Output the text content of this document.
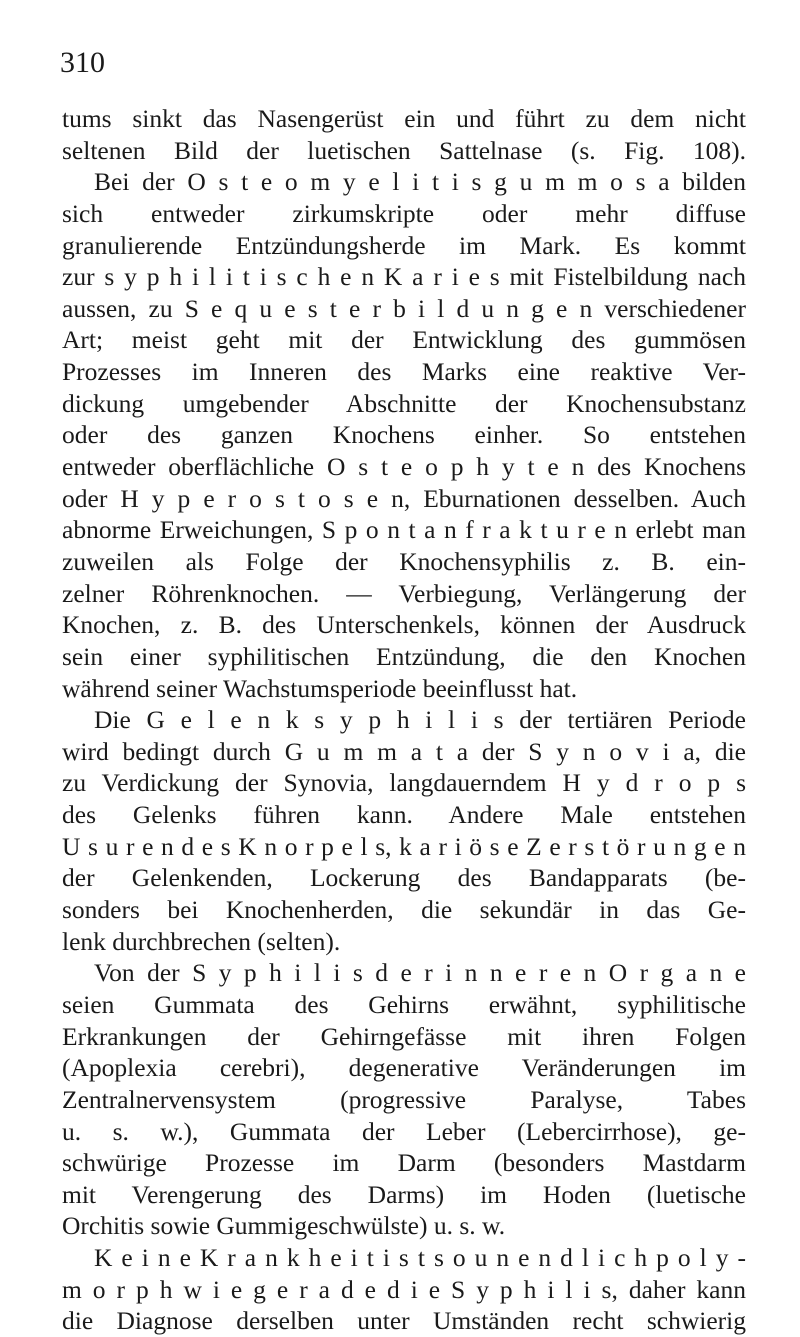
310
tums sinkt das Nasengerüst ein und führt zu dem nicht
seltenen Bild der luetischen Sattelnase (s. Fig. 108).
Bei der O s t e o m y e l i t i s g u m m o s a bilden
sich entweder zirkumskripte oder mehr diffuse
granulierende Entzündungsherde im Mark. Es kommt
zur s y p h i l i t i s c h e n K a r i e s mit Fistelbildung nach
aussen, zu S e q u e s t e r b i l d u n g e n verschiedener
Art; meist geht mit der Entwicklung des gummösen
Prozesses im Inneren des Marks eine reaktive Ver-
dickung umgebender Abschnitte der Knochensubstanz
oder des ganzen Knochens einher. So entstehen
entweder oberflächliche O s t e o p h y t e n des Knochens
oder H y p e r o s t o s e n, Eburnationen desselben. Auch
abnorme Erweichungen, S p o n t a n f r a k t u r e n erlebt man
zuweilen als Folge der Knochensyphilis z. B. ein-
zelner Röhrenknochen. — Verbiegung, Verlängerung der
Knochen, z. B. des Unterschenkels, können der Ausdruck
sein einer syphilitischen Entzündung, die den Knochen
während seiner Wachstumsperiode beeinflusst hat.
Die G e l e n k s y p h i l i s der tertiären Periode
wird bedingt durch G u m m a t a der S y n o v i a, die
zu Verdickung der Synovia, langdauerndem H y d r o p s
des Gelenks führen kann. Andere Male entstehen
U s u r e n d e s K n o r p e l s, k a r i ö s e Z e r s t ö r u n g e n
der Gelenkenden, Lockerung des Bandapparats (be-
sonders bei Knochenherden, die sekundär in das Ge-
lenk durchbrechen (selten).
Von der S y p h i l i s d e r i n n e r e n O r g a n e
seien Gummata des Gehirns erwähnt, syphilitische
Erkrankungen der Gehirngefässe mit ihren Folgen
(Apoplexia cerebri), degenerative Veränderungen im
Zentralnervensystem (progressive Paralyse, Tabes
u. s. w.), Gummata der Leber (Lebercirrhose), ge-
schwürige Prozesse im Darm (besonders Mastdarm
mit Verengerung des Darms) im Hoden (luetische
Orchitis sowie Gummigeschwülste) u. s. w.
K e i n e K r a n k h e i t i s t s o u n e n d l i c h p o l y -
m o r p h w i e g e r a d e d i e S y p h i l i s, daher kann
die Diagnose derselben unter Umständen recht schwierig
